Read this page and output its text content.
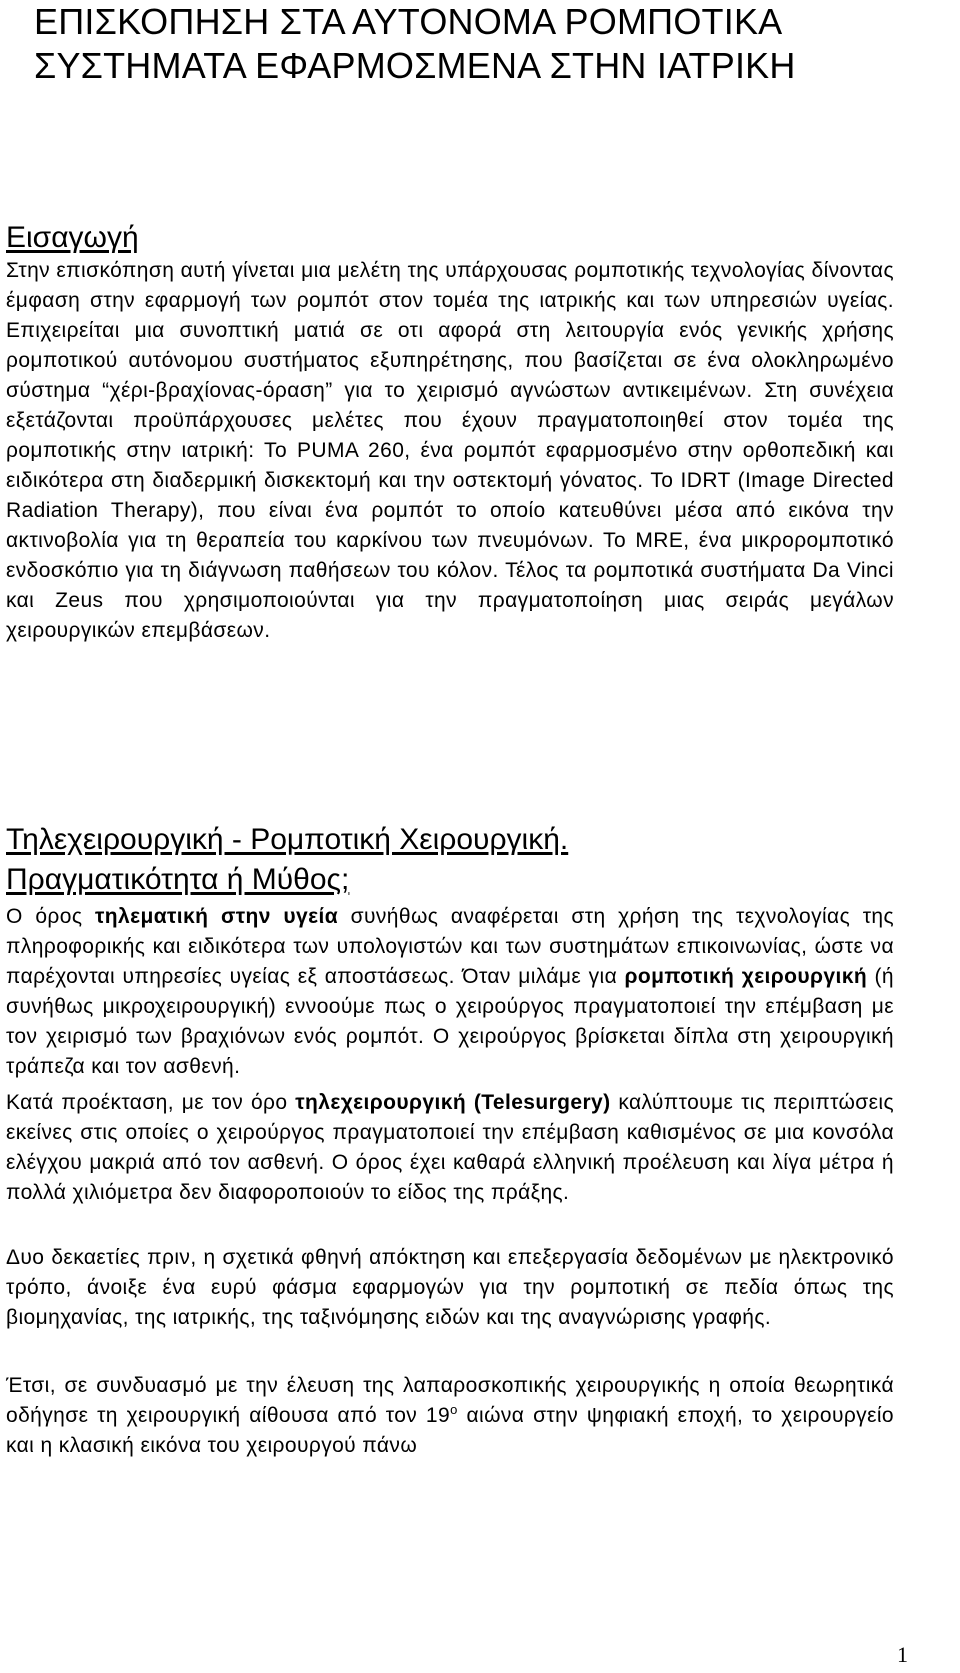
ΕΠΙΣΚΟΠΗΣΗ ΣΤΑ ΑΥΤΟΝΟΜΑ ΡΟΜΠΟΤΙΚΑ ΣΥΣΤΗΜΑΤΑ ΕΦΑΡΜΟΣΜΕΝΑ ΣΤΗΝ ΙΑΤΡΙΚΗ
Εισαγωγή

Στην επισκόπηση αυτή γίνεται μια μελέτη της υπάρχουσας ρομποτικής τεχνολογίας δίνοντας έμφαση στην εφαρμογή των ρομπότ στον τομέα της ιατρικής και των υπηρεσιών υγείας. Επιχειρείται μια συνοπτική ματιά σε οτι αφορά στη λειτουργία ενός γενικής χρήσης ρομποτικού αυτόνομου συστήματος εξυπηρέτησης, που βασίζεται σε ένα ολοκληρωμένο σύστημα “χέρι-βραχίονας-όραση” για το χειρισμό αγνώστων αντικειμένων. Στη συνέχεια εξετάζονται προϋπάρχουσες μελέτες που έχουν πραγματοποιηθεί στον τομέα της ρομποτικής στην ιατρική: Το PUMA 260, ένα ρομπότ εφαρμοσμένο στην ορθοπεδική και ειδικότερα στη διαδερμική δισκεκτομή και την οστεκτομή γόνατος. Το IDRT (Image Directed Radiation Therapy), που είναι ένα ρομπότ το οποίο κατευθύνει μέσα από εικόνα την ακτινοβολία για τη θεραπεία του καρκίνου των πνευμόνων. Το MRE, ένα μικρορομποτικό ενδοσκόπιο για τη διάγνωση παθήσεων του κόλον. Τέλος τα ρομποτικά συστήματα Da Vinci και Zeus που χρησιμοποιούνται για την πραγματοποίηση μιας σειράς μεγάλων χειρουργικών επεμβάσεων.

Τηλεχειρουργική - Ρομποτική Χειρουργική.
Πραγματικότητα ή Μύθος;

Ο όρος τηλεματική στην υγεία συνήθως αναφέρεται στη χρήση της τεχνολογίας της πληροφορικής και ειδικότερα των υπολογιστών και των συστημάτων επικοινωνίας, ώστε να παρέχονται υπηρεσίες υγείας εξ αποστάσεως. Όταν μιλάμε για ρομποτική χειρουργική (ή συνήθως μικροχειρουργική) εννοούμε πως ο χειρούργος πραγματοποιεί την επέμβαση με τον χειρισμό των βραχιόνων ενός ρομπότ. Ο χειρούργος βρίσκεται δίπλα στη χειρουργική τράπεζα και τον ασθενή.

Κατά προέκταση, με τον όρο τηλεχειρουργική (Telesurgery) καλύπτουμε τις περιπτώσεις εκείνες στις οποίες ο χειρούργος πραγματοποιεί την επέμβαση καθισμένος σε μια κονσόλα ελέγχου μακριά από τον ασθενή. Ο όρος έχει καθαρά ελληνική προέλευση και λίγα μέτρα ή πολλά χιλιόμετρα δεν διαφοροποιούν το είδος της πράξης.

Δυο δεκαετίες πριν, η σχετικά φθηνή απόκτηση και επεξεργασία δεδομένων με ηλεκτρονικό τρόπο, άνοιξε ένα ευρύ φάσμα εφαρμογών για την ρομποτική σε πεδία όπως της βιομηχανίας, της ιατρικής, της ταξινόμησης ειδών και της αναγνώρισης γραφής.

Έτσι, σε συνδυασμό με την έλευση της λαπαροσκοπικής χειρουργικής η οποία θεωρητικά οδήγησε τη χειρουργική αίθουσα από τον $19^o$ αιώνα στην ψηφιακή εποχή, το χειρουργείο και η κλασική εικόνα του χειρουργού πάνω

1
